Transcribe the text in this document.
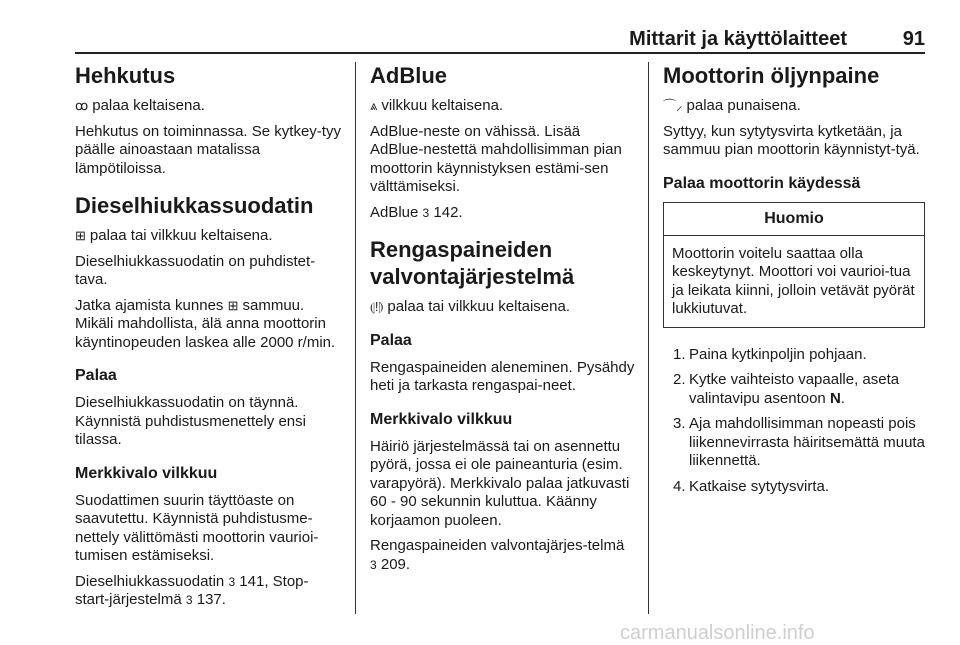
Mittarit ja käyttölaitteet	91
Hehkutus

ꝏ palaa keltaisena.

Hehkutus on toiminnassa. Se kytkey-tyy päälle ainoastaan matalissa lämpötiloissa.

Dieselhiukkassuodatin

⊞ palaa tai vilkkuu keltaisena.

Dieselhiukkassuodatin on puhdistet-tava.

Jatka ajamista kunnes ⊞ sammuu. Mikäli mahdollista, älä anna moottorin käyntinopeuden laskea alle 2000 r/min.

Palaa

Dieselhiukkassuodatin on täynnä. Käynnistä puhdistusmenettely ensi tilassa.

Merkkivalo vilkkuu

Suodattimen suurin täyttöaste on saavutettu. Käynnistä puhdistusme-nettely välittömästi moottorin vaurioi-tumisen estämiseksi.

Dieselhiukkassuodatin 3 141, Stop-
start-järjestelmä 3 137.

AdBlue

⩓ vilkkuu keltaisena.

AdBlue-neste on vähissä. Lisää AdBlue-nestettä mahdollisimman pian moottorin käynnistyksen estämi-sen välttämiseksi.

AdBlue 3 142.

Rengaspaineiden valvontajärjestelmä

⦇!⦈ palaa tai vilkkuu keltaisena.

Palaa

Rengaspaineiden aleneminen. Pysähdy heti ja tarkasta rengaspai-neet.

Merkkivalo vilkkuu

Häiriö järjestelmässä tai on asennettu pyörä, jossa ei ole paineanturia (esim. varapyörä). Merkkivalo palaa jatkuvasti 60 - 90 sekunnin kuluttua. Käänny korjaamon puoleen.

Rengaspaineiden valvontajärjes-telmä 3 209.

Moottorin öljynpaine

⌒⸝ palaa punaisena.

Syttyy, kun sytytysvirta kytketään, ja sammuu pian moottorin käynnistyt-tyä.

Palaa moottorin käydessä
Huomio
Moottorin voitelu saattaa olla keskeytynyt. Moottori voi vaurioi-tua ja leikata kiinni, jolloin vetävät pyörät lukkiutuvat.
1. Paina kytkinpoljin pohjaan.
2. Kytke vaihteisto vapaalle, aseta valintavipu asentoon N.
3. Aja mahdollisimman nopeasti pois liikennevirrasta häiritsemättä muuta liikennettä.
4. Katkaise sytytysvirta.
carmanualsonline.info
